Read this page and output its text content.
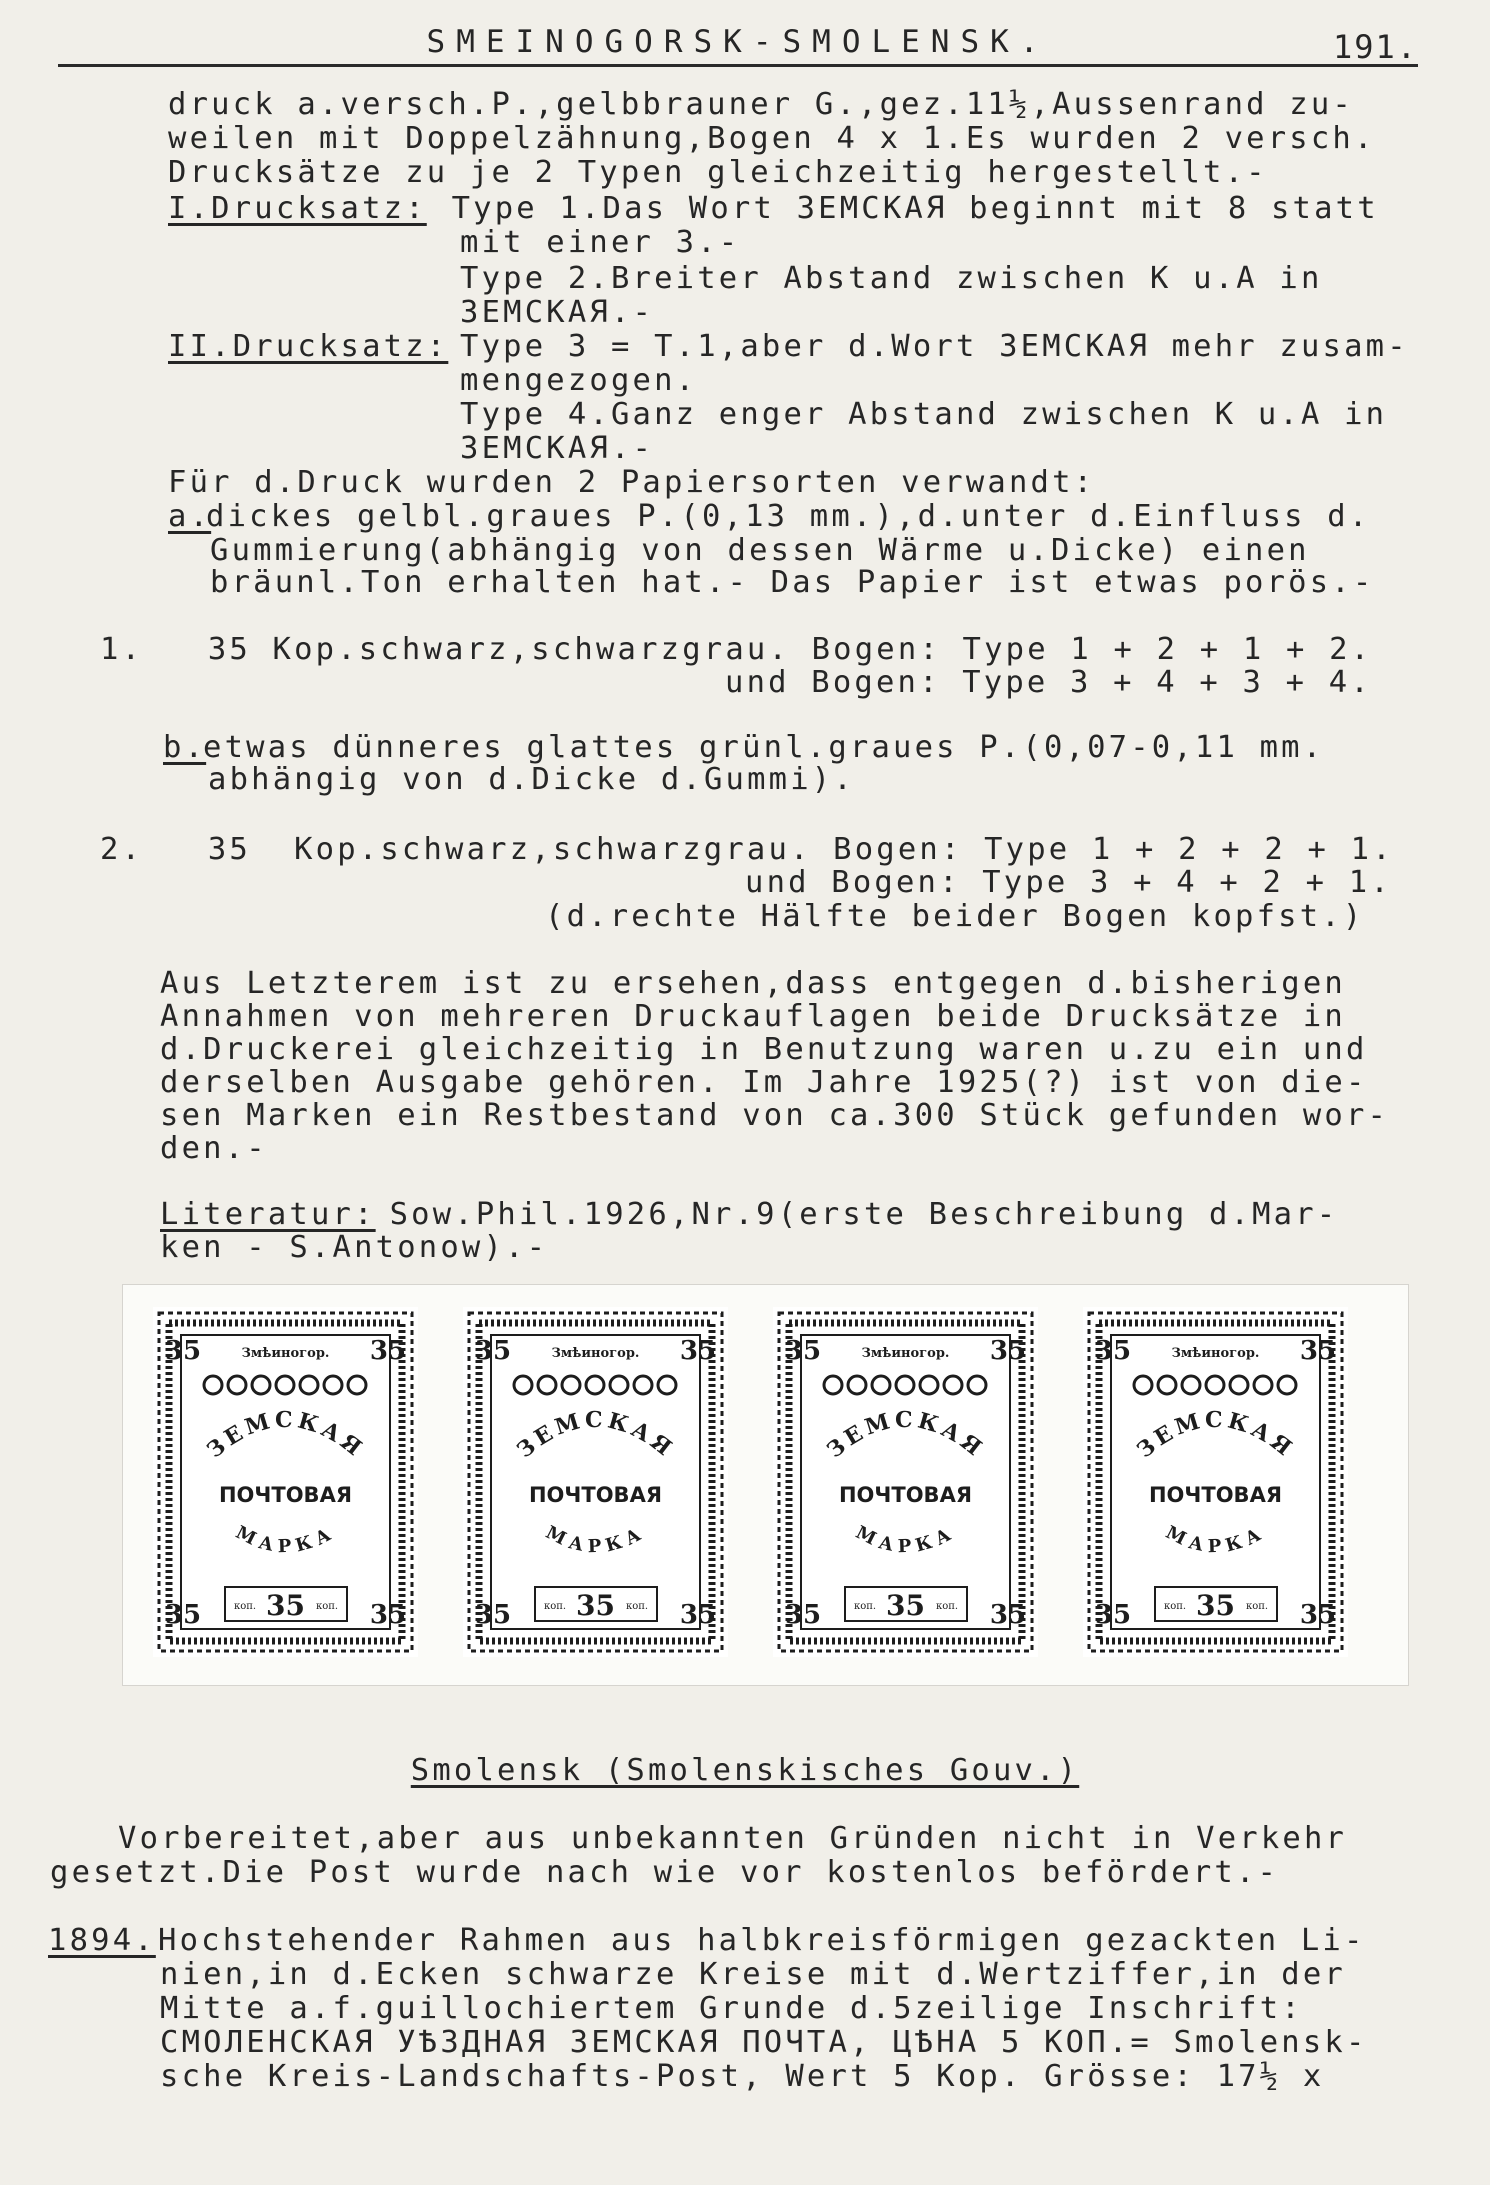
SMEINOGORSK-SMOLENSK.	191.
druck a.versch.P.,gelbbrauner G.,gez.11½,Aussenrand zu-
weilen mit Doppelzähnung,Bogen 4 x 1.Es wurden 2 versch.
Drucksätze zu je 2 Typen gleichzeitig hergestellt.-
I.Drucksatz: Type 1.Das Wort ЗЕМСКАЯ beginnt mit 8 statt
mit einer З.-
Type 2.Breiter Abstand zwischen К u.A in
ЗЕМСКАЯ.-
II.Drucksatz: Type 3 = T.1,aber d.Wort ЗЕМСКАЯ mehr zusam-
mengezogen.
Type 4.Ganz enger Abstand zwischen К u.A in
ЗЕМСКАЯ.-
Für d.Druck wurden 2 Papiersorten verwandt:
a.
dickes gelbl.graues P.(0,13 mm.),d.unter d.Einfluss d.
Gummierung(abhängig von dessen Wärme u.Dicke) einen
bräunl.Ton erhalten hat.- Das Papier ist etwas porös.-
1.   35 Kop.schwarz,schwarzgrau. Bogen: Type 1 + 2 + 1 + 2.
und Bogen: Type 3 + 4 + 3 + 4.
b.
etwas dünneres glattes grünl.graues P.(0,07-0,11 mm.
abhängig von d.Dicke d.Gummi).
2.   35  Kop.schwarz,schwarzgrau. Bogen: Type 1 + 2 + 2 + 1.
und Bogen: Type 3 + 4 + 2 + 1.
(d.rechte Hälfte beider Bogen kopfst.)
Aus Letzterem ist zu ersehen,dass entgegen d.bisherigen
Annahmen von mehreren Druckauflagen beide Drucksätze in
d.Druckerei gleichzeitig in Benutzung waren u.zu ein und
derselben Ausgabe gehören. Im Jahre 1925(?) ist von die-
sen Marken ein Restbestand von ca.300 Stück gefunden wor-
den.-
Literatur:
Sow.Phil.1926,Nr.9(erste Beschreibung d.Mar-
ken - S.Antonow).-
35	35
35	35
Змѣиногор.
ЗЕМСКАЯ
ПОЧТОВАЯ
МАРКА
коп. 35 коп.
35	35
35	35
Змѣиногор.
ЗЕМСКАЯ
ПОЧТОВАЯ
МАРКА
коп. 35 коп.
35	35
35	35
Змѣиногор.
ЗЕМСКАЯ
ПОЧТОВАЯ
МАРКА
коп. 35 коп.
35	35
35	35
Змѣиногор.
ЗЕМСКАЯ
ПОЧТОВАЯ
МАРКА
коп. 35 коп.
Smolensk (Smolenskisches Gouv.)
Vorbereitet,aber aus unbekannten Gründen nicht in Verkehr
gesetzt.Die Post wurde nach wie vor kostenlos befördert.-
1894. Hochstehender Rahmen aus halbkreisförmigen gezackten Li-
nien,in d.Ecken schwarze Kreise mit d.Wertziffer,in der
Mitte a.f.guillochiertem Grunde d.5zeilige Inschrift:
СМОЛЕНСКАЯ УѢЗДНАЯ ЗЕМСКАЯ ПОЧТА, ЦѢНА 5 КОП.= Smolensk-
sche Kreis-Landschafts-Post, Wert 5 Kop. Grösse: 17½ x
